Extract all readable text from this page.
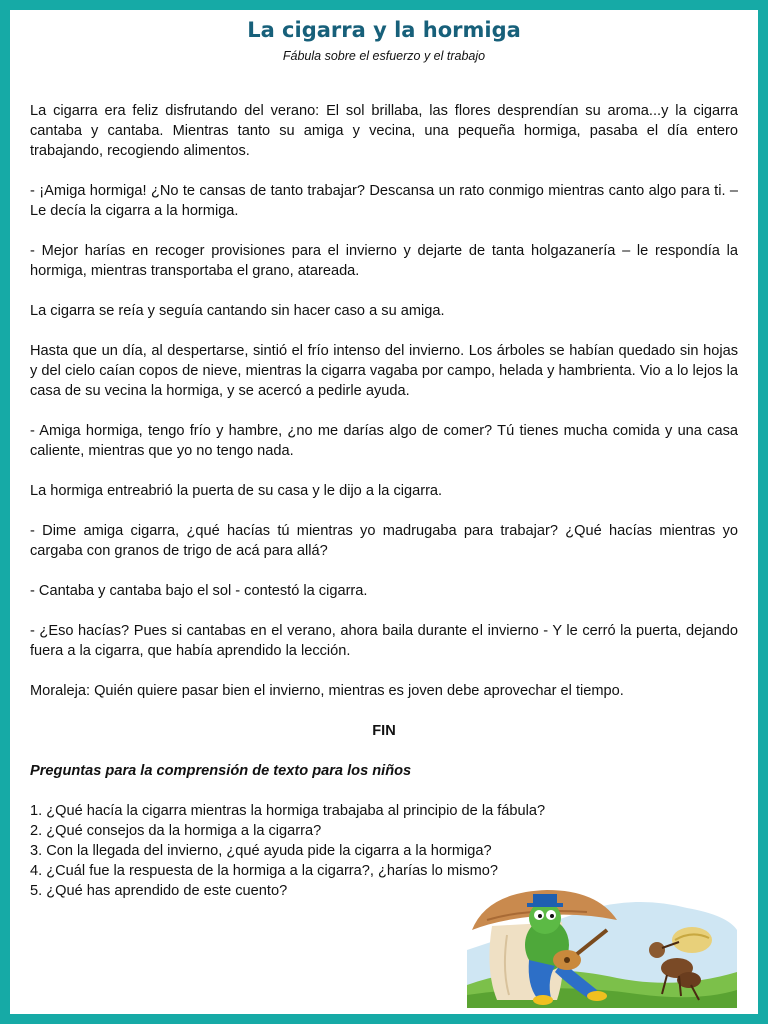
La cigarra y la hormiga
Fábula sobre el esfuerzo y el trabajo

La cigarra era feliz disfrutando del verano: El sol brillaba, las flores desprendían su aroma...y la cigarra cantaba y cantaba. Mientras tanto su amiga y vecina, una pequeña hormiga, pasaba el día entero trabajando, recogiendo alimentos.

- ¡Amiga hormiga! ¿No te cansas de tanto trabajar? Descansa un rato conmigo mientras canto algo para ti. – Le decía la cigarra a la hormiga.

- Mejor harías en recoger provisiones para el invierno y dejarte de tanta holgazanería – le respondía la hormiga, mientras transportaba el grano, atareada.

La cigarra se reía y seguía cantando sin hacer caso a su amiga.

Hasta que un día, al despertarse, sintió el frío intenso del invierno. Los árboles se habían quedado sin hojas y del cielo caían copos de nieve, mientras la cigarra vagaba por campo, helada y hambrienta. Vio a lo lejos la casa de su vecina la hormiga, y se acercó a pedirle ayuda.

- Amiga hormiga, tengo frío y hambre, ¿no me darías algo de comer? Tú tienes mucha comida y una casa caliente, mientras que yo no tengo nada.

La hormiga entreabrió la puerta de su casa y le dijo a la cigarra.

- Dime amiga cigarra, ¿qué hacías tú mientras yo madrugaba para trabajar? ¿Qué hacías mientras yo cargaba con granos de trigo de acá para allá?

- Cantaba y cantaba bajo el sol - contestó la cigarra.

- ¿Eso hacías? Pues si cantabas en el verano, ahora baila durante el invierno - Y le cerró la puerta, dejando fuera a la cigarra, que había aprendido la lección.

Moraleja: Quién quiere pasar bien el invierno, mientras es joven debe aprovechar el tiempo.

FIN

Preguntas para la comprensión de texto para los niños

1. ¿Qué hacía la cigarra mientras la hormiga trabajaba al principio de la fábula?

2. ¿Qué consejos da la hormiga a la cigarra?

3. Con la llegada del invierno, ¿qué ayuda pide la cigarra a la hormiga?

4. ¿Cuál fue la respuesta de la hormiga a la cigarra?, ¿harías lo mismo?

5. ¿Qué has aprendido de este cuento?
